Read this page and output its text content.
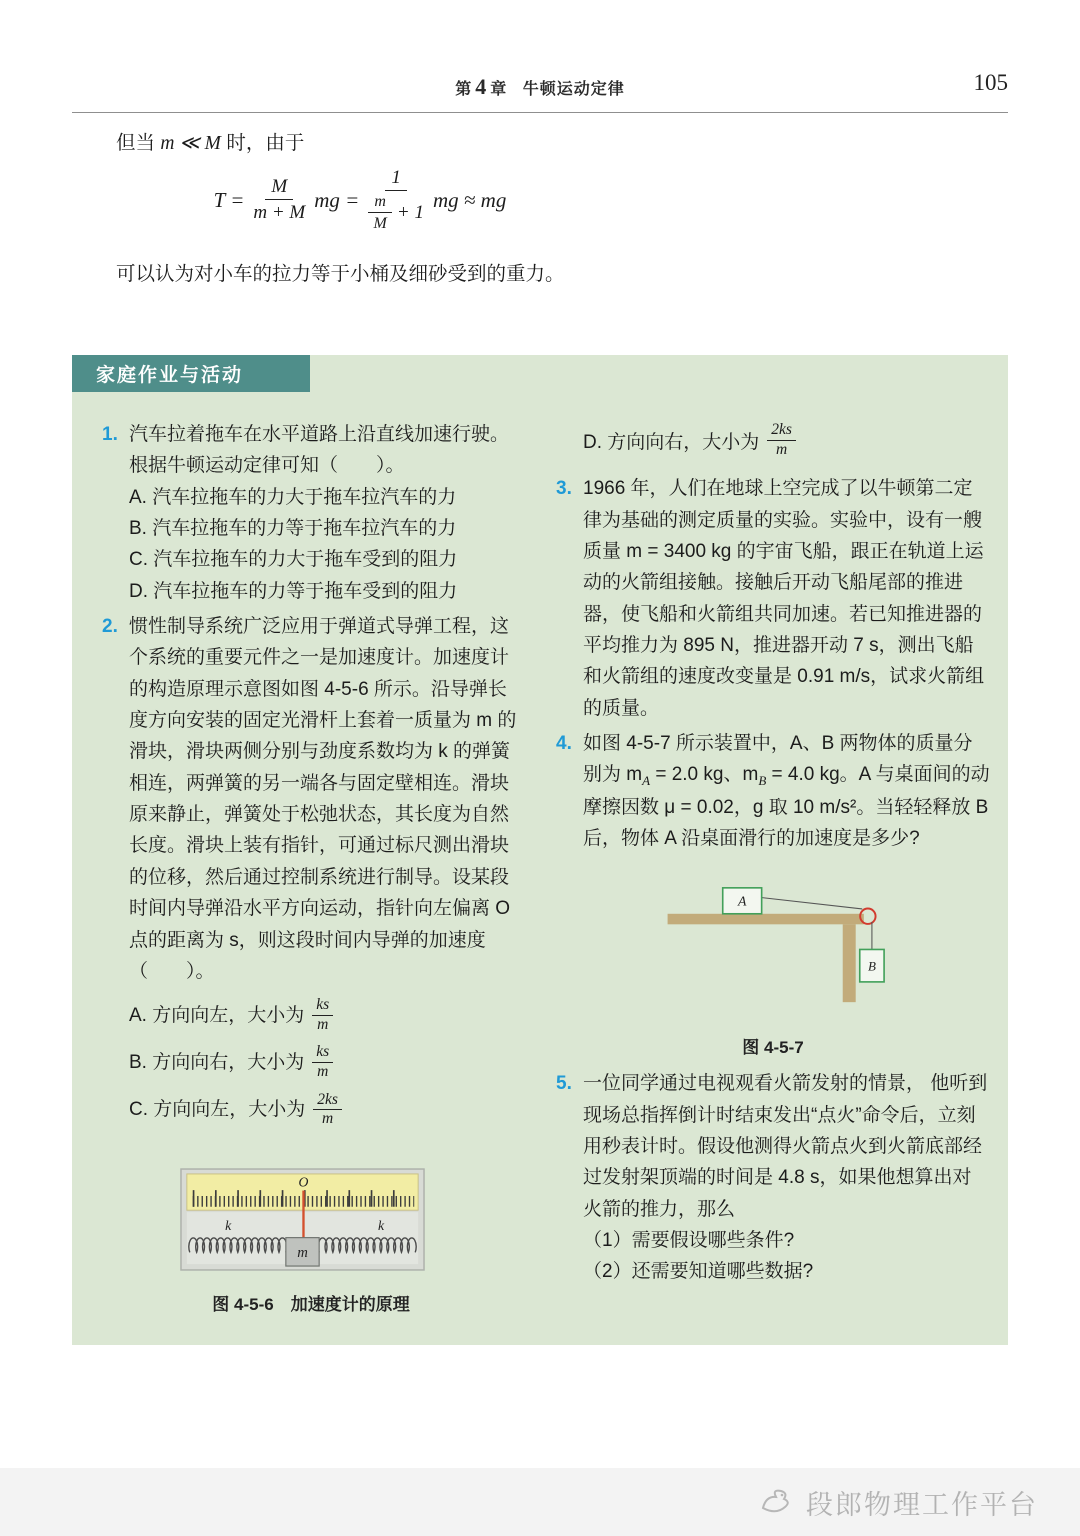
第 4 章 牛顿运动定律	105
但当 m ≪ M 时，由于
$T = \frac{M}{m + M}$ mg = $\frac{1}{\frac{m}{M} + 1}$ mg ≈ mg
可以认为对小车的拉力等于小桶及细砂受到的重力。
家庭作业与活动
1. 汽车拉着拖车在水平道路上沿直线加速行驶。根据牛顿运动定律可知（　　）。
A. 汽车拉拖车的力大于拖车拉汽车的力
B. 汽车拉拖车的力等于拖车拉汽车的力
C. 汽车拉拖车的力大于拖车受到的阻力
D. 汽车拉拖车的力等于拖车受到的阻力
2. 惯性制导系统广泛应用于弹道式导弹工程，这个系统的重要元件之一是加速度计。加速度计的构造原理示意图如图 4-5-6 所示。沿导弹长度方向安装的固定光滑杆上套着一质量为 m 的滑块，滑块两侧分别与劲度系数均为 k 的弹簧相连，两弹簧的另一端各与固定壁相连。滑块原来静止，弹簧处于松弛状态，其长度为自然长度。滑块上装有指针，可通过标尺测出滑块的位移，然后通过控制系统进行制导。设某段时间内导弹沿水平方向运动，指针向左偏离 O 点的距离为 s，则这段时间内导弹的加速度（　　）。
A. 方向向左，大小为 $\frac{ks}{m}$
B. 方向向右，大小为 $\frac{ks}{m}$
C. 方向向左，大小为 $\frac{2ks}{m}$
O
k	k
m
图 4-5-6　加速度计的原理
D. 方向向右，大小为 $\frac{2ks}{m}$
3. 1966 年，人们在地球上空完成了以牛顿第二定律为基础的测定质量的实验。实验中，设有一艘质量 m = 3400 kg 的宇宙飞船，跟正在轨道上运动的火箭组接触。接触后开动飞船尾部的推进器，使飞船和火箭组共同加速。若已知推进器的平均推力为 895 N，推进器开动 7 s，测出飞船和火箭组的速度改变量是 0.91 m/s，试求火箭组的质量。
4. 如图 4-5-7 所示装置中，A、B 两物体的质量分别为 $m_A = 2.0$ kg、$m_B = 4.0$ kg。A 与桌面间的动摩擦因数 μ = 0.02，g 取 10 m/s²。当轻轻释放 B 后，物体 A 沿桌面滑行的加速度是多少?
A
B
图 4-5-7
5. 一位同学通过电视观看火箭发射的情景， 他听到现场总指挥倒计时结束发出“点火”命令后，立刻用秒表计时。假设他测得火箭点火到火箭底部经过发射架顶端的时间是 4.8 s，如果他想算出对火箭的推力，那么
（1）需要假设哪些条件?
（2）还需要知道哪些数据?
段郎物理工作平台
